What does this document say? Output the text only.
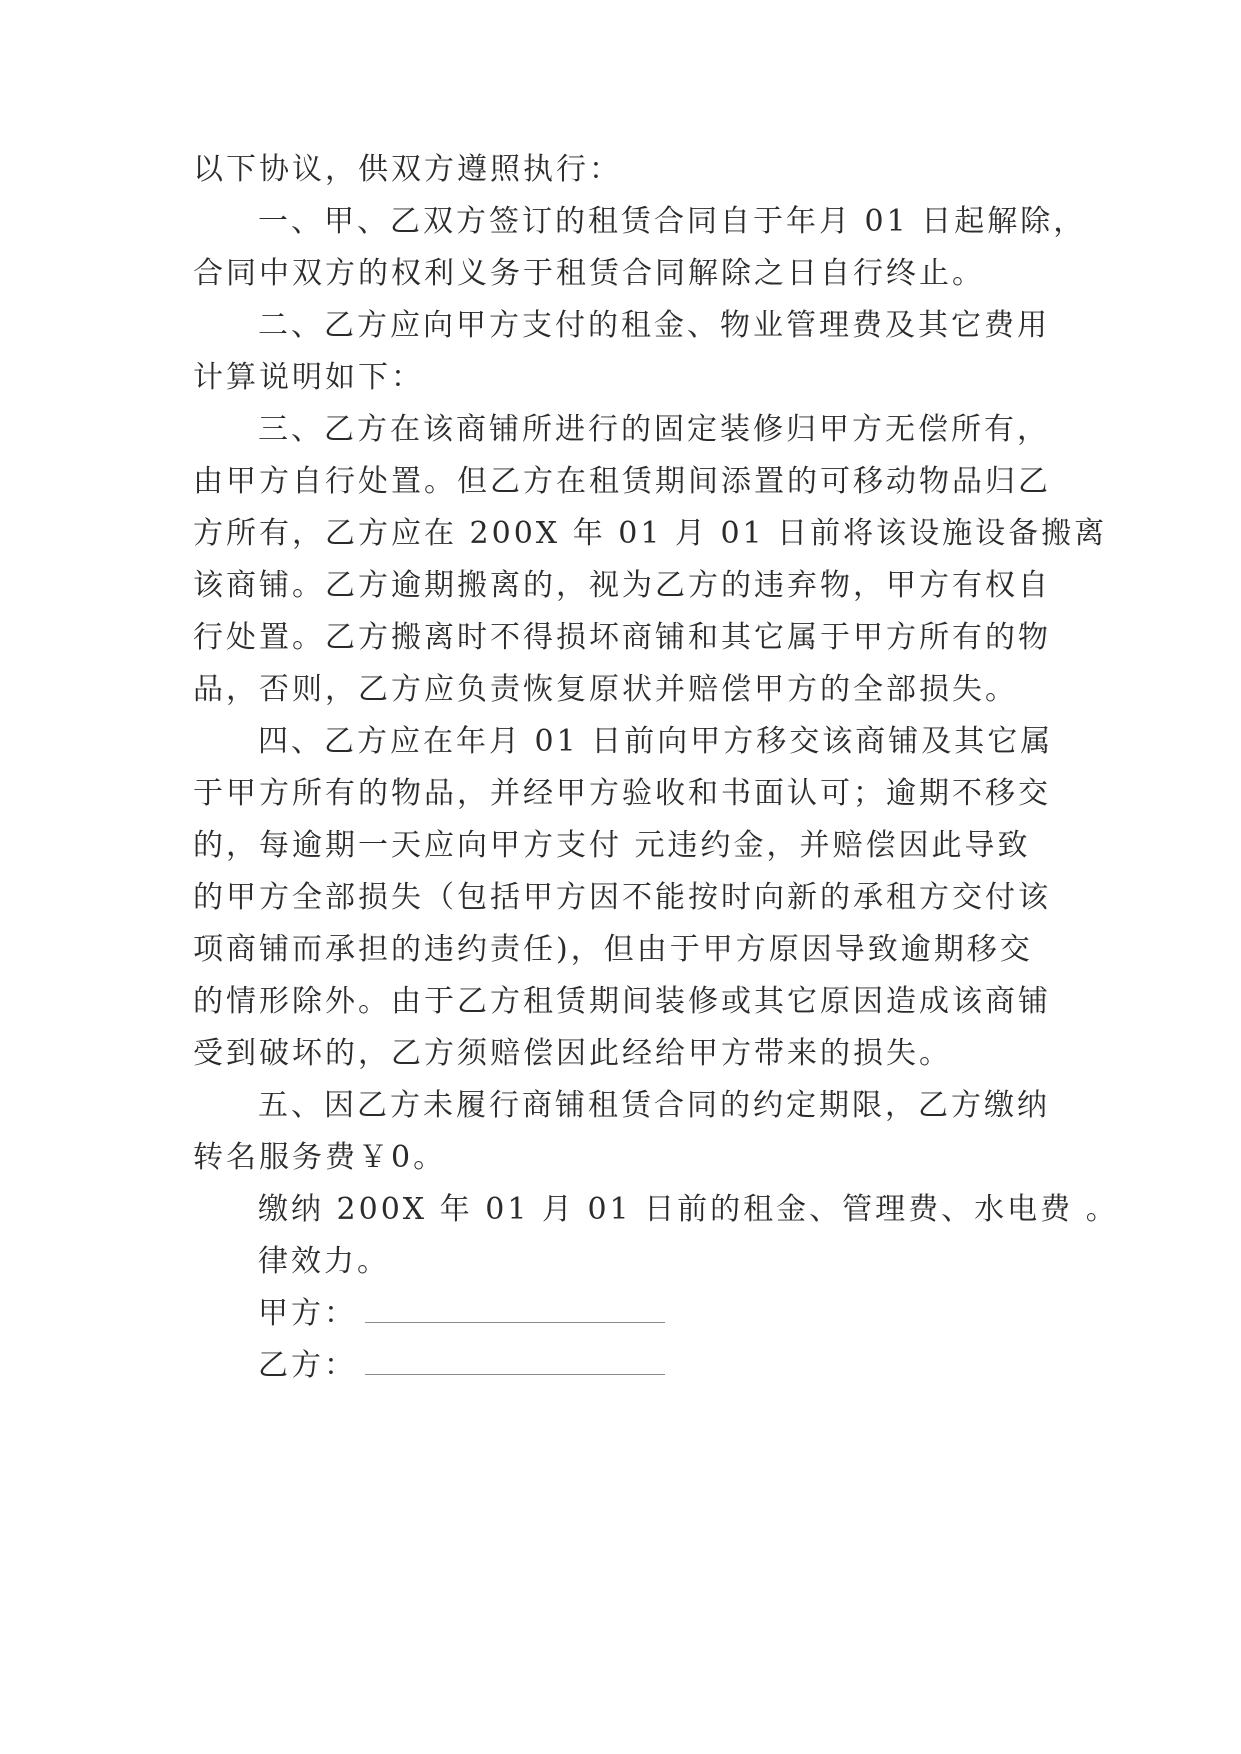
以下协议，供双方遵照执行：
一、甲、乙双方签订的租赁合同自于年月 01 日起解除，
合同中双方的权利义务于租赁合同解除之日自行终止。
二、乙方应向甲方支付的租金、物业管理费及其它费用
计算说明如下：
三、乙方在该商铺所进行的固定装修归甲方无偿所有，
由甲方自行处置。但乙方在租赁期间添置的可移动物品归乙
方所有，乙方应在 200X 年 01 月 01 日前将该设施设备搬离
该商铺。乙方逾期搬离的，视为乙方的违弃物，甲方有权自
行处置。乙方搬离时不得损坏商铺和其它属于甲方所有的物
品，否则，乙方应负责恢复原状并赔偿甲方的全部损失。
四、乙方应在年月 01 日前向甲方移交该商铺及其它属
于甲方所有的物品，并经甲方验收和书面认可；逾期不移交
的，每逾期一天应向甲方支付 元违约金，并赔偿因此导致
的甲方全部损失（包括甲方因不能按时向新的承租方交付该
项商铺而承担的违约责任)，但由于甲方原因导致逾期移交
的情形除外。由于乙方租赁期间装修或其它原因造成该商铺
受到破坏的，乙方须赔偿因此经给甲方带来的损失。
五、因乙方未履行商铺租赁合同的约定期限，乙方缴纳
转名服务费￥0。
缴纳 200X 年 01 月 01 日前的租金、管理费、水电费 。
律效力。
甲方：
乙方：
